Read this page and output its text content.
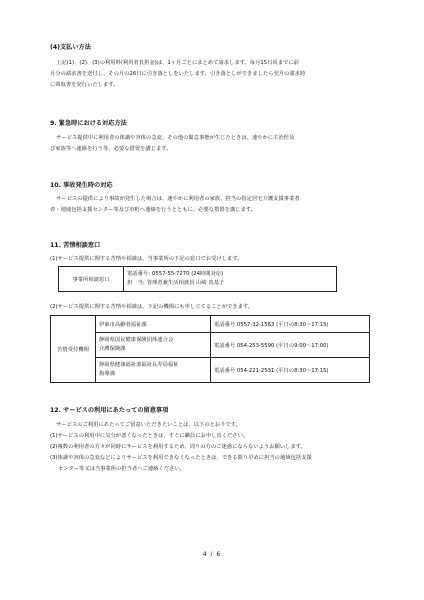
(4)支払い方法

上記(1)、(2)、(3)の利用料(利用者負担金)は、1ヶ月ごとにまとめて請求します。毎月15日頃までに前

月分の請求書を送付し、その月の26日に引き落としをいたします。引き落としができましたら翌月の請求時

に領収書を発行いたします。

9. 緊急時における対応方法

サービス提供中に利用者の体調や容体の急変、その他の緊急事態が生じたときは、速やかに主治医及

び家族等へ連絡を行う等、必要な措置を講じます。

10. 事故発生時の対応

サービスの提供により事故が発生した場合は、速やかに利用者の家族、担当の指定居宅介護支援事業者

者・地域包括支援センター等及び市町へ連絡を行うとともに、必要な措置を講じます。

11. 苦情相談窓口
(1)サービス提供に関する苦情や相談は、当事業所の下記の窓口でお受けします。
事業所相談窓口	
電話番号: 0557-55-7270 (24時間対応)
担　当: 管理者兼生活相談員 山崎 真基子
(2)サービス提供に関する苦情や相談は、下記の機関にも申し立てることができます。
苦情受付機関	伊東市高齢者福祉課	電話番号 0557-32-1563 (平日の8:30〜17:15)

	静岡県国民健康保険団体連合会
介護保険課	電話番号 054-253-5590 (平日の9:00〜17:00)

	静岡県健康福祉部福祉長寿局福祉
指導課	電話番号 054-221-2531 (平日の8:30〜17:15)
12. サービスの利用にあたっての留意事項

サービスのご利用にあたってご留意いただきたいことは、以下のとおりです。

(1)サービスの利用中に気分が悪くなったときは、すぐに職員にお申し出ください。

(2)複数の利用者の方々が同時にサービスを利用するため、周りの方のご迷惑にならないようお願いします。

(3)体調や容体の急変などによりサービスを利用できなくなったときは、できる限り早めに担当の地域包括支援

センター等又は当事業所の担当者へご連絡ください。

4 / 6
